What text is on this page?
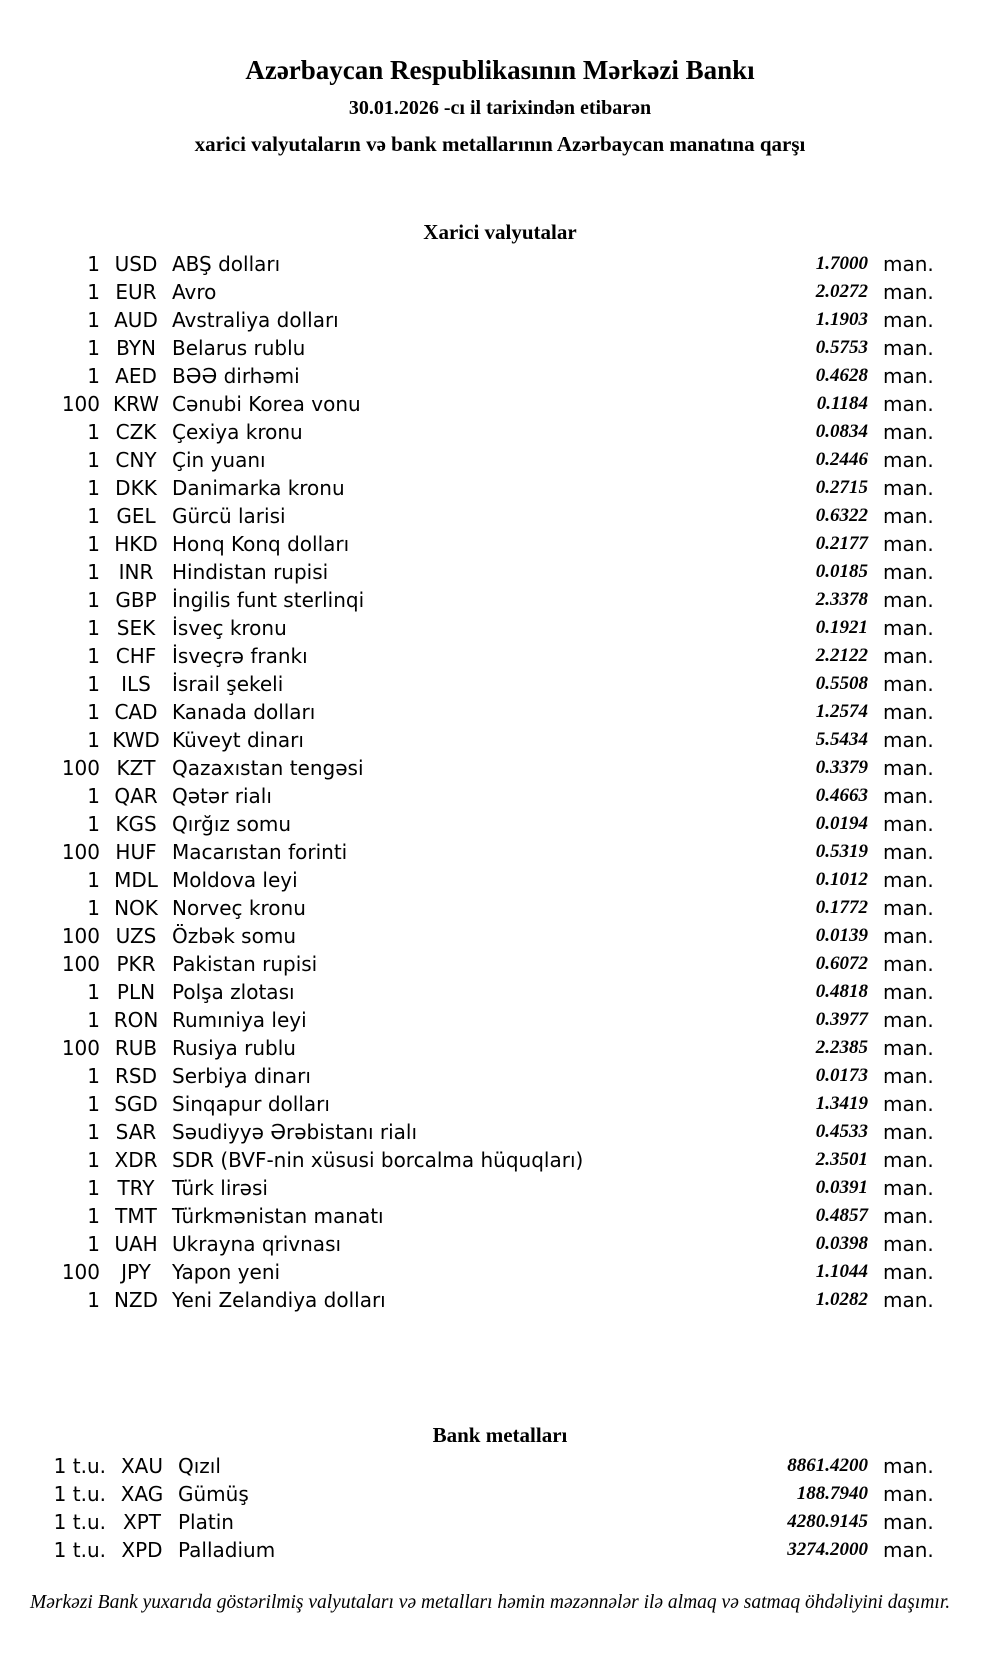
Azərbaycan Respublikasının Mərkəzi Bankı
30.01.2026 -cı il tarixindən etibarən
xarici valyutaların və bank metallarının Azərbaycan manatına qarşı
Xarici valyutalar
1 USD ABŞ dolları	1.7000 man.
1 EUR Avro	2.0272 man.
1 AUD Avstraliya dolları	1.1903 man.
1 BYN Belarus rublu	0.5753 man.
1 AED BƏƏ dirhəmi	0.4628 man.
100 KRW Cənubi Korea vonu	0.1184 man.
1 CZK Çexiya kronu	0.0834 man.
1 CNY Çin yuanı	0.2446 man.
1 DKK Danimarka kronu	0.2715 man.
1 GEL Gürcü larisi	0.6322 man.
1 HKD Honq Konq dolları	0.2177 man.
1 INR Hindistan rupisi	0.0185 man.
1 GBP İngilis funt sterlinqi	2.3378 man.
1 SEK İsveç kronu	0.1921 man.
1 CHF İsveçrə frankı	2.2122 man.
1	ILS	İsrail şekeli	0.5508 man.
1 CAD Kanada dolları	1.2574 man.
1 KWD Küveyt dinarı	5.5434 man.
100 KZT Qazaxıstan tengəsi	0.3379 man.
1 QAR Qətər rialı	0.4663 man.
1 KGS Qırğız somu	0.0194 man.
100 HUF Macarıstan forinti	0.5319 man.
1 MDL Moldova leyi	0.1012 man.
1 NOK Norveç kronu	0.1772 man.
100 UZS Özbək somu	0.0139 man.
100 PKR Pakistan rupisi	0.6072 man.
1 PLN Polşa zlotası	0.4818 man.
1 RON Rumıniya leyi	0.3977 man.
100 RUB Rusiya rublu	2.2385 man.
1 RSD Serbiya dinarı	0.0173 man.
1 SGD Sinqapur dolları	1.3419 man.
1 SAR Səudiyyə Ərəbistanı rialı	0.4533 man.
1 XDR SDR (BVF-nin xüsusi borcalma hüquqları)	2.3501 man.
1 TRY Türk lirəsi	0.0391 man.
1 TMT Türkmənistan manatı	0.4857 man.
1 UAH Ukrayna qrivnası	0.0398 man.
100	JPY	Yapon yeni	1.1044 man.
1 NZD Yeni Zelandiya dolları	1.0282 man.
Bank metalları
1 t.u. XAU Qızıl	8861.4200 man.
1 t.u. XAG Gümüş	188.7940 man.
1 t.u. XPT Platin	4280.9145 man.
1 t.u. XPD Palladium	3274.2000 man.
Mərkəzi Bank yuxarıda göstərilmiş valyutaları və metalları həmin məzənnələr ilə almaq və satmaq öhdəliyini daşımır.
